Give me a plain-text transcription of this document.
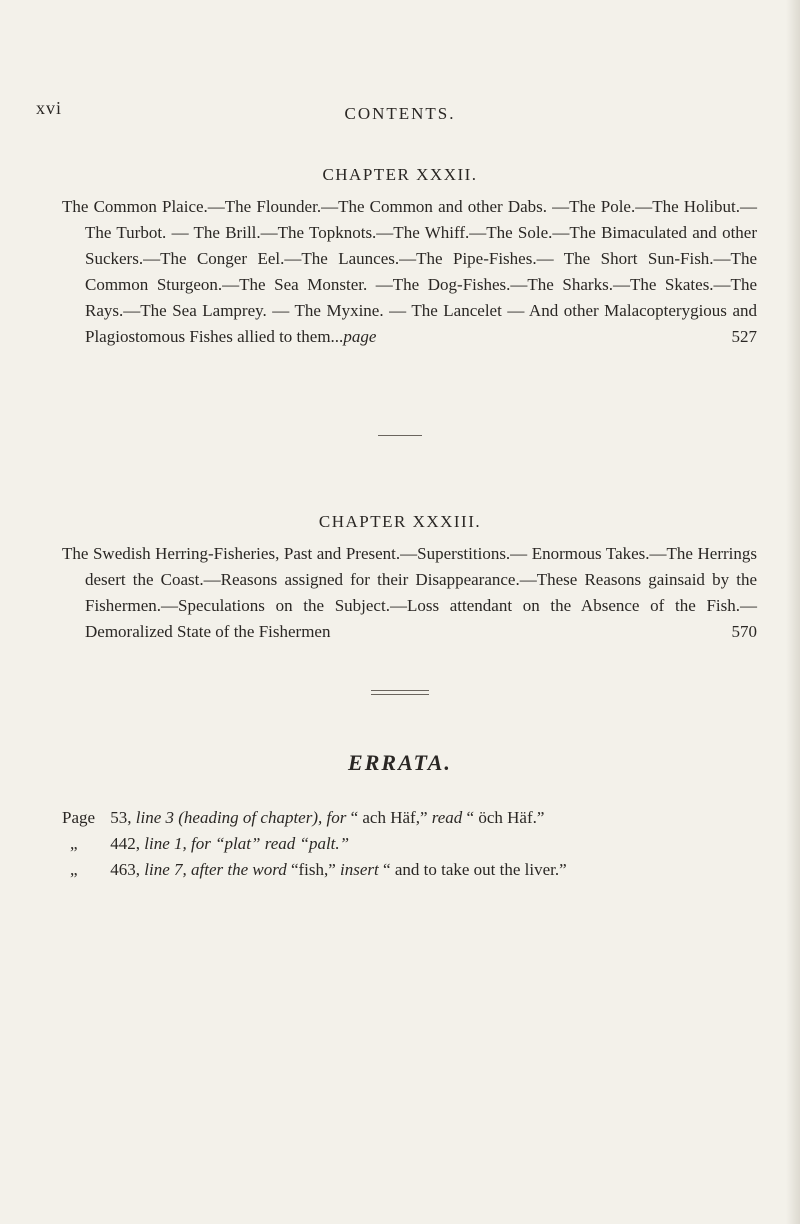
xvi	CONTENTS.
CHAPTER XXXII.
The Common Plaice.—The Flounder.—The Common and other Dabs. —The Pole.—The Holibut.— The Turbot. — The Brill.—The Topknots.—The Whiff.—The Sole.—The Bimaculated and other Suckers.—The Conger Eel.—The Launces.—The Pipe-Fishes.— The Short Sun-Fish.—The Common Sturgeon.—The Sea Monster. —The Dog-Fishes.—The Sharks.—The Skates.—The Rays.—The Sea Lamprey. — The Myxine. — The Lancelet — And other Malacopterygious and Plagiostomous Fishes allied to them...page	527
CHAPTER XXXIII.
The Swedish Herring-Fisheries, Past and Present.—Superstitions.— Enormous Takes.—The Herrings desert the Coast.—Reasons assigned for their Disappearance.—These Reasons gainsaid by the Fishermen.—Speculations on the Subject.—Loss attendant on the Absence of the Fish.—Demoralized State of the Fishermen	570
ERRATA.
Page 53, line 3 (heading of chapter), for “ ach Häf,” read “ öch Häf.”
„ 442, line 1, for “plat” read “palt.”
„ 463, line 7, after the word “fish,” insert “ and to take out the liver.”
